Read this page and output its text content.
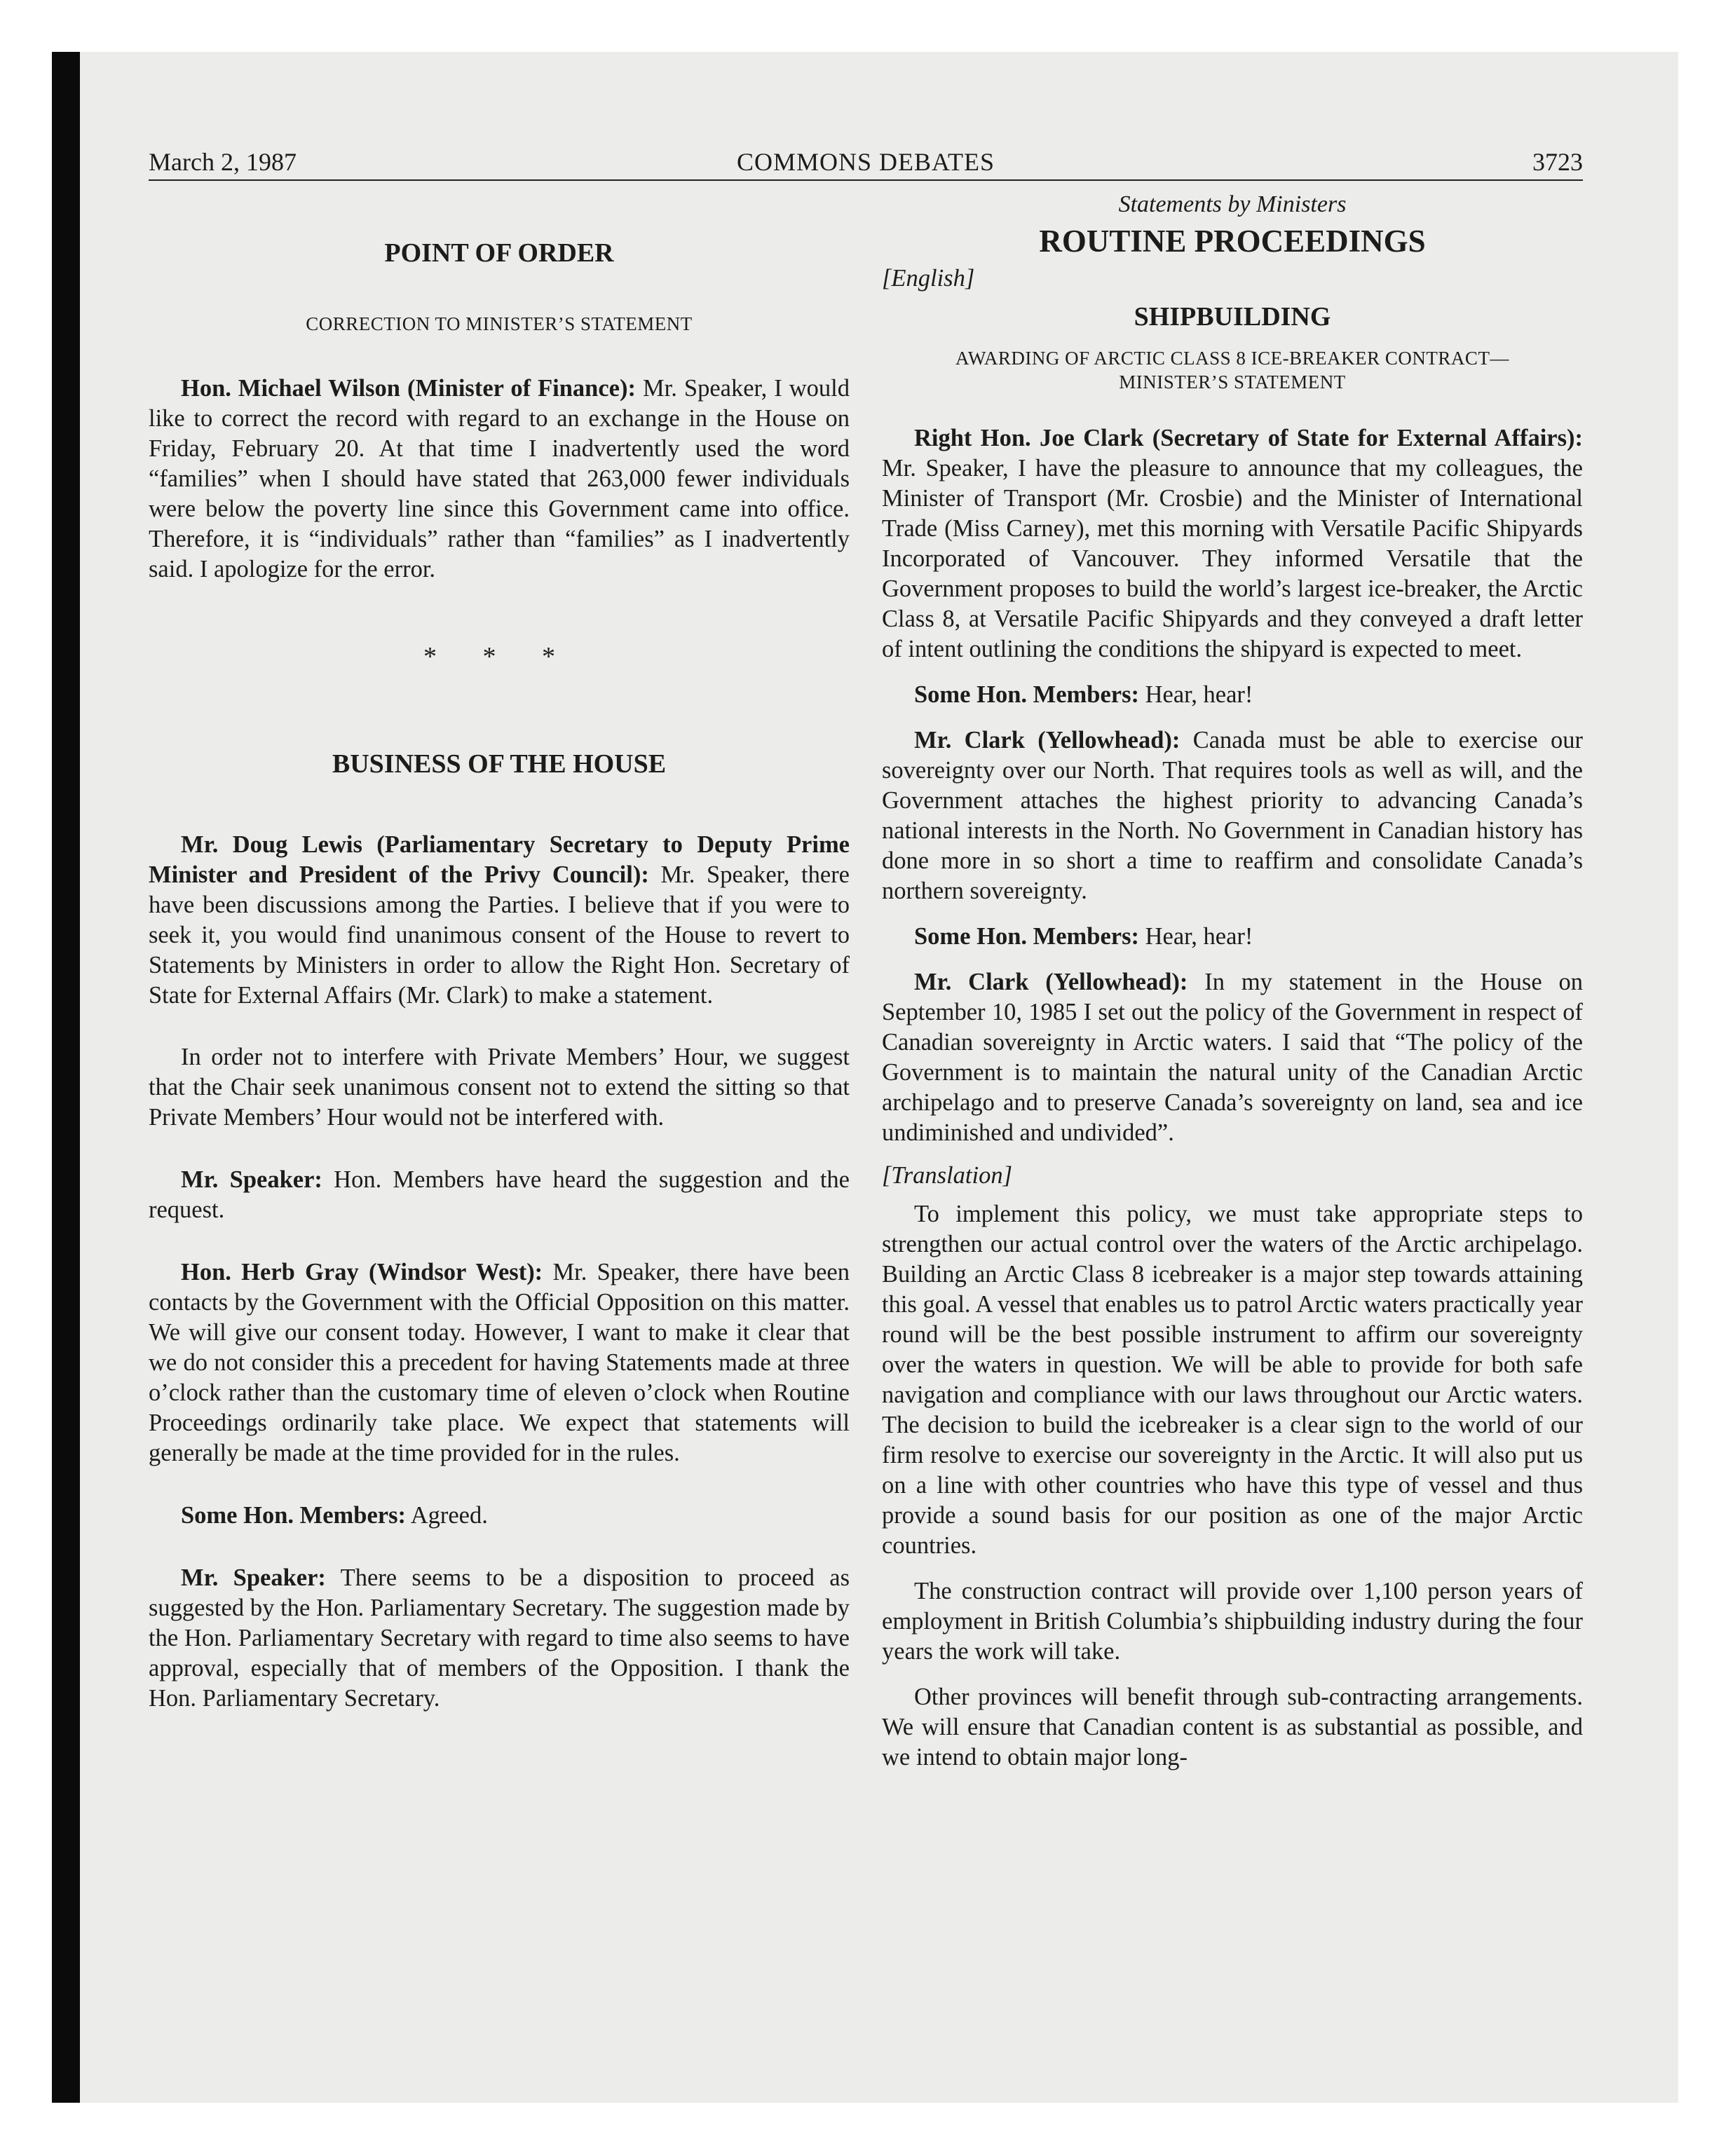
March 2, 1987	COMMONS DEBATES	3723

POINT OF ORDER

CORRECTION TO MINISTER’S STATEMENT

Hon. Michael Wilson (Minister of Finance): Mr. Speaker, I would like to correct the record with regard to an exchange in the House on Friday, February 20. At that time I inadvertently used the word “families” when I should have stated that 263,000 fewer individuals were below the poverty line since this Government came into office. Therefore, it is “individuals” rather than “families” as I inadvertently said. I apologize for the error.

* * *

BUSINESS OF THE HOUSE

Mr. Doug Lewis (Parliamentary Secretary to Deputy Prime Minister and President of the Privy Council): Mr. Speaker, there have been discussions among the Parties. I believe that if you were to seek it, you would find unanimous consent of the House to revert to Statements by Ministers in order to allow the Right Hon. Secretary of State for External Affairs (Mr. Clark) to make a statement.

In order not to interfere with Private Members’ Hour, we suggest that the Chair seek unanimous consent not to extend the sitting so that Private Members’ Hour would not be interfered with.

Mr. Speaker: Hon. Members have heard the suggestion and the request.

Hon. Herb Gray (Windsor West): Mr. Speaker, there have been contacts by the Government with the Official Opposition on this matter. We will give our consent today. However, I want to make it clear that we do not consider this a precedent for having Statements made at three o’clock rather than the customary time of eleven o’clock when Routine Proceedings ordinarily take place. We expect that statements will generally be made at the time provided for in the rules.

Some Hon. Members: Agreed.

Mr. Speaker: There seems to be a disposition to proceed as suggested by the Hon. Parliamentary Secretary. The suggestion made by the Hon. Parliamentary Secretary with regard to time also seems to have approval, especially that of members of the Opposition. I thank the Hon. Parliamentary Secretary.

Statements by Ministers

ROUTINE PROCEEDINGS

[English]

SHIPBUILDING

AWARDING OF ARCTIC CLASS 8 ICE-BREAKER CONTRACT—

MINISTER’S STATEMENT

Right Hon. Joe Clark (Secretary of State for External Affairs): Mr. Speaker, I have the pleasure to announce that my colleagues, the Minister of Transport (Mr. Crosbie) and the Minister of International Trade (Miss Carney), met this morning with Versatile Pacific Shipyards Incorporated of Vancouver. They informed Versatile that the Government proposes to build the world’s largest ice-breaker, the Arctic Class 8, at Versatile Pacific Shipyards and they conveyed a draft letter of intent outlining the conditions the shipyard is expected to meet.

Some Hon. Members: Hear, hear!

Mr. Clark (Yellowhead): Canada must be able to exercise our sovereignty over our North. That requires tools as well as will, and the Government attaches the highest priority to advancing Canada’s national interests in the North. No Government in Canadian history has done more in so short a time to reaffirm and consolidate Canada’s northern sovereignty.

Some Hon. Members: Hear, hear!

Mr. Clark (Yellowhead): In my statement in the House on September 10, 1985 I set out the policy of the Government in respect of Canadian sovereignty in Arctic waters. I said that “The policy of the Government is to maintain the natural unity of the Canadian Arctic archipelago and to preserve Canada’s sovereignty on land, sea and ice undiminished and undivided”.

[Translation]

To implement this policy, we must take appropriate steps to strengthen our actual control over the waters of the Arctic archipelago. Building an Arctic Class 8 icebreaker is a major step towards attaining this goal. A vessel that enables us to patrol Arctic waters practically year round will be the best possible instrument to affirm our sovereignty over the waters in question. We will be able to provide for both safe navigation and compliance with our laws throughout our Arctic waters. The decision to build the icebreaker is a clear sign to the world of our firm resolve to exercise our sovereignty in the Arctic. It will also put us on a line with other countries who have this type of vessel and thus provide a sound basis for our position as one of the major Arctic countries.

The construction contract will provide over 1,100 person years of employment in British Columbia’s shipbuilding industry during the four years the work will take.

Other provinces will benefit through sub-contracting arrangements. We will ensure that Canadian content is as substantial as possible, and we intend to obtain major long-
